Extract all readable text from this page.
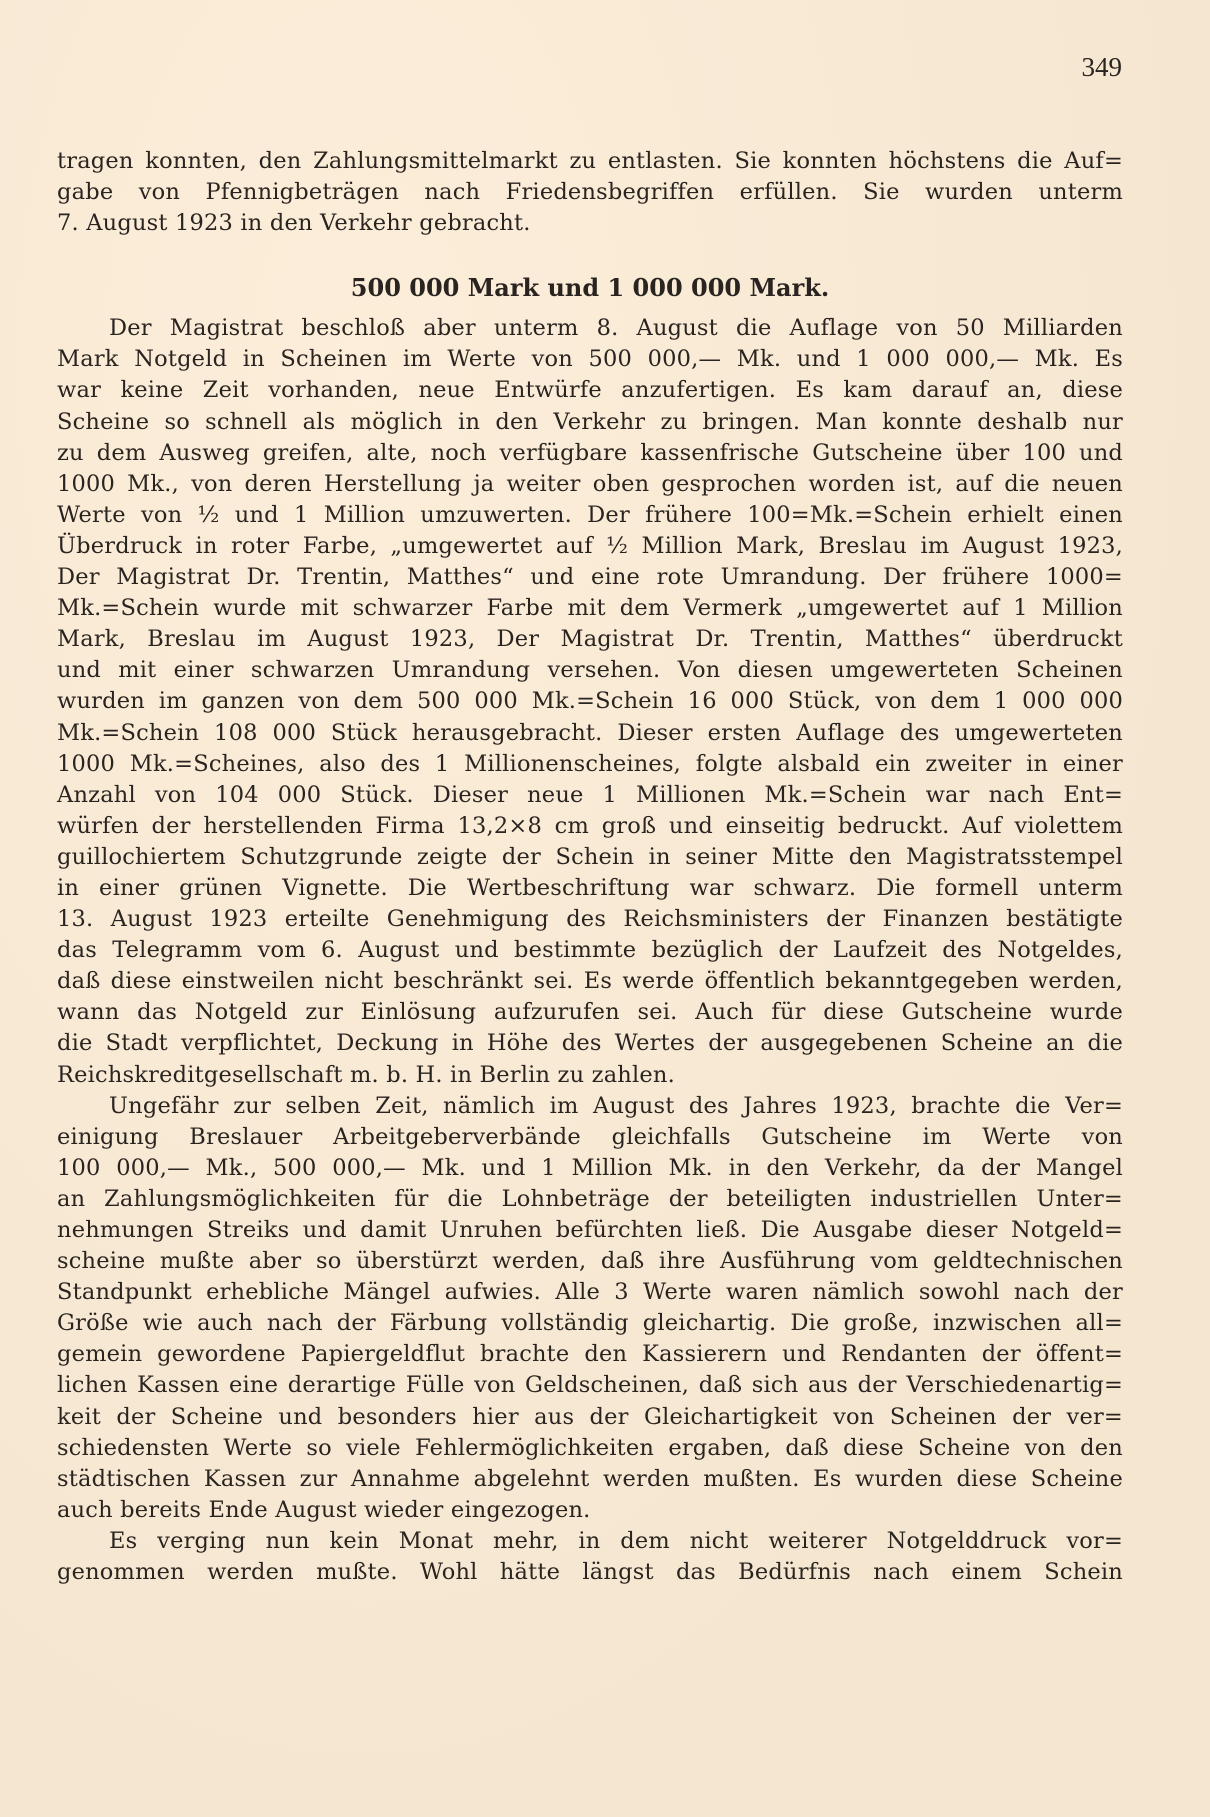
349
tragen konnten, den Zahlungsmittelmarkt zu entlasten. Sie konnten höchstens die Auf=
gabe von Pfennigbeträgen nach Friedensbegriffen erfüllen. Sie wurden unterm
7. August 1923 in den Verkehr gebracht.
500 000 Mark und 1 000 000 Mark.
Der Magistrat beschloß aber unterm 8. August die Auflage von 50 Milliarden
Mark Notgeld in Scheinen im Werte von 500 000,— Mk. und 1 000 000,— Mk. Es
war keine Zeit vorhanden, neue Entwürfe anzufertigen. Es kam darauf an, diese
Scheine so schnell als möglich in den Verkehr zu bringen. Man konnte deshalb nur
zu dem Ausweg greifen, alte, noch verfügbare kassenfrische Gutscheine über 100 und
1000 Mk., von deren Herstellung ja weiter oben gesprochen worden ist, auf die neuen
Werte von ½ und 1 Million umzuwerten. Der frühere 100=Mk.=Schein erhielt einen
Überdruck in roter Farbe, „umgewertet auf ½ Million Mark, Breslau im August 1923,
Der Magistrat Dr. Trentin, Matthes“ und eine rote Umrandung. Der frühere 1000=
Mk.=Schein wurde mit schwarzer Farbe mit dem Vermerk „umgewertet auf 1 Million
Mark, Breslau im August 1923, Der Magistrat Dr. Trentin, Matthes“ überdruckt
und mit einer schwarzen Umrandung versehen. Von diesen umgewerteten Scheinen
wurden im ganzen von dem 500 000 Mk.=Schein 16 000 Stück, von dem 1 000 000
Mk.=Schein 108 000 Stück herausgebracht. Dieser ersten Auflage des umgewerteten
1000 Mk.=Scheines, also des 1 Millionenscheines, folgte alsbald ein zweiter in einer
Anzahl von 104 000 Stück. Dieser neue 1 Millionen Mk.=Schein war nach Ent=
würfen der herstellenden Firma 13,2×8 cm groß und einseitig bedruckt. Auf violettem
guillochiertem Schutzgrunde zeigte der Schein in seiner Mitte den Magistratsstempel
in einer grünen Vignette. Die Wertbeschriftung war schwarz. Die formell unterm
13. August 1923 erteilte Genehmigung des Reichsministers der Finanzen bestätigte
das Telegramm vom 6. August und bestimmte bezüglich der Laufzeit des Notgeldes,
daß diese einstweilen nicht beschränkt sei. Es werde öffentlich bekanntgegeben werden,
wann das Notgeld zur Einlösung aufzurufen sei. Auch für diese Gutscheine wurde
die Stadt verpflichtet, Deckung in Höhe des Wertes der ausgegebenen Scheine an die
Reichskreditgesellschaft m. b. H. in Berlin zu zahlen.
Ungefähr zur selben Zeit, nämlich im August des Jahres 1923, brachte die Ver=
einigung Breslauer Arbeitgeberverbände gleichfalls Gutscheine im Werte von
100 000,— Mk., 500 000,— Mk. und 1 Million Mk. in den Verkehr, da der Mangel
an Zahlungsmöglichkeiten für die Lohnbeträge der beteiligten industriellen Unter=
nehmungen Streiks und damit Unruhen befürchten ließ. Die Ausgabe dieser Notgeld=
scheine mußte aber so überstürzt werden, daß ihre Ausführung vom geldtechnischen
Standpunkt erhebliche Mängel aufwies. Alle 3 Werte waren nämlich sowohl nach der
Größe wie auch nach der Färbung vollständig gleichartig. Die große, inzwischen all=
gemein gewordene Papiergeldflut brachte den Kassierern und Rendanten der öffent=
lichen Kassen eine derartige Fülle von Geldscheinen, daß sich aus der Verschiedenartig=
keit der Scheine und besonders hier aus der Gleichartigkeit von Scheinen der ver=
schiedensten Werte so viele Fehlermöglichkeiten ergaben, daß diese Scheine von den
städtischen Kassen zur Annahme abgelehnt werden mußten. Es wurden diese Scheine
auch bereits Ende August wieder eingezogen.
Es verging nun kein Monat mehr, in dem nicht weiterer Notgelddruck vor=
genommen werden mußte. Wohl hätte längst das Bedürfnis nach einem Schein
